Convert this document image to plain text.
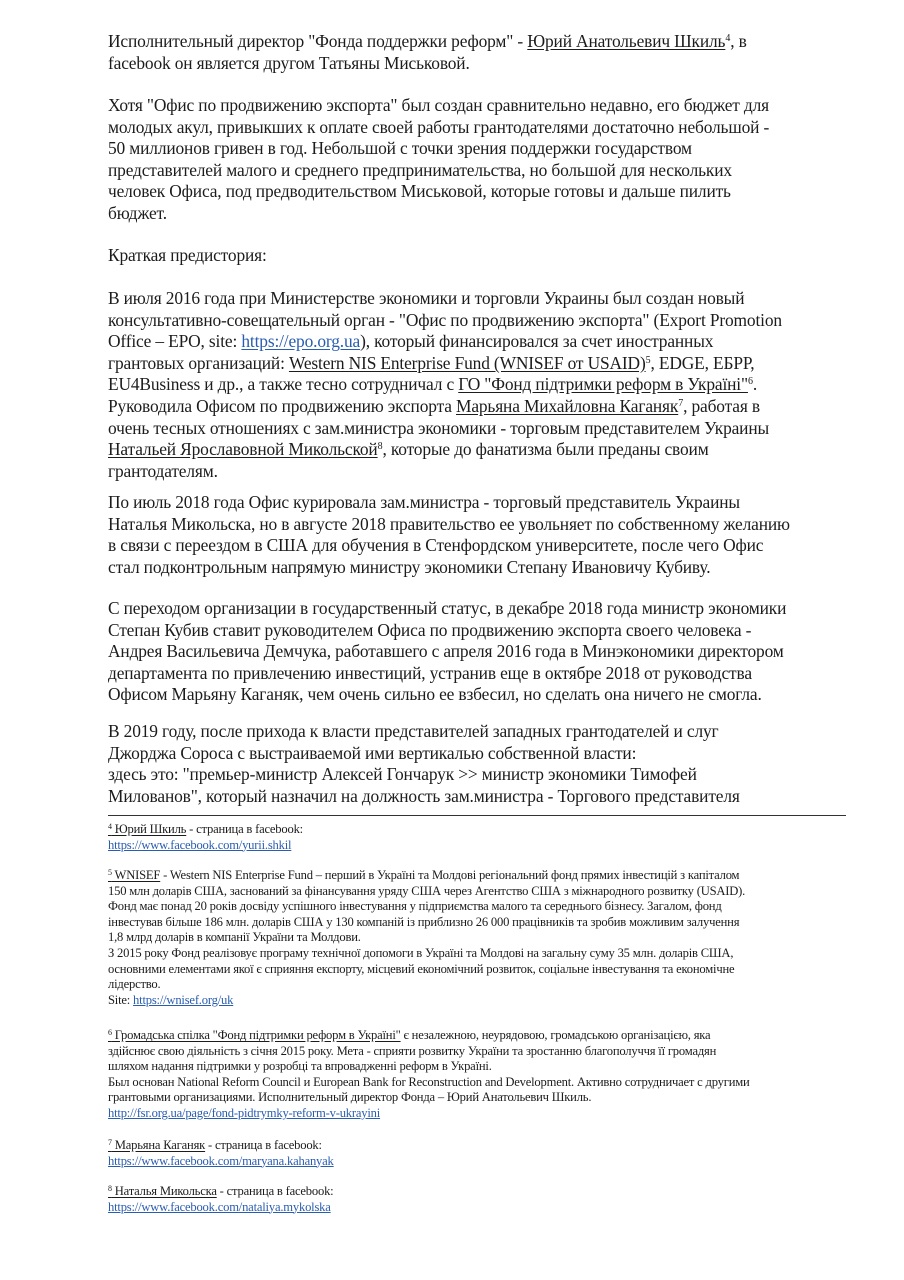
Исполнительный директор "Фонда поддержки реформ" - Юрий Анатольевич Шкиль$^4$, в
facebook он является другом Татьяны Миськовой.
Хотя "Офис по продвижению экспорта" был создан сравнительно недавно, его бюджет для
молодых акул, привыкших к оплате своей работы грантодателями достаточно небольшой -
50 миллионов гривен в год. Небольшой с точки зрения поддержки государством
представителей малого и среднего предпринимательства, но большой для нескольких
человек Офиса, под предводительством Миськовой, которые готовы и дальше пилить
бюджет.
Краткая предистория:
В июля 2016 года при Министерстве экономики и торговли Украины был создан новый
консультативно-совещательный орган - "Офис по продвижению экспорта" (Export Promotion
Office – EPO, site: https://epo.org.ua), который финансировался за счет иностранных
грантовых организаций: Western NIS Enterprise Fund (WNISEF от USAID)$^5$, EDGE, ЕБРР,
EU4Business и др., а также тесно сотрудничал с ГО "Фонд підтримки реформ в Україні"$^6$.
Руководила Офисом по продвижению экспорта Марьяна Михайловна Каганяк$^7$, работая в
очень тесных отношениях с зам.министра экономики - торговым представителем Украины
Натальей Ярославовной Микольской$^8$, которые до фанатизма были преданы своим
грантодателям.
По июль 2018 года Офис курировала зам.министра - торговый представитель Украины
Наталья Микольска, но в августе 2018 правительство ее увольняет по собственному желанию
в связи с переездом в США для обучения в Стенфордском университете, после чего Офис
стал подконтрольным напрямую министру экономики Степану Ивановичу Кубиву.
С переходом организации в государственный статус, в декабре 2018 года министр экономики
Степан Кубив ставит руководителем Офиса по продвижению экспорта своего человека -
Андрея Васильевича Демчука, работавшего с апреля 2016 года в Минэкономики директором
департамента по привлечению инвестиций, устранив еще в октябре 2018 от руководства
Офисом Марьяну Каганяк, чем очень сильно ее взбесил, но сделать она ничего не смогла.
В 2019 году, после прихода к власти представителей западных грантодателей и слуг
Джорджа Сороса с выстраиваемой ими вертикалью собственной власти:
здесь это: "премьер-министр Алексей Гончарук >> министр экономики Тимофей
Милованов", который назначил на должность зам.министра - Торгового представителя
$^4$ Юрий Шкиль - страница в facebook:
https://www.facebook.com/yurii.shkil
$^5$ WNISEF - Western NIS Enterprise Fund – перший в Україні та Молдові регіональний фонд прямих інвестицій з капіталом
150 млн доларів США, заснований за фінансування уряду США через Агентство США з міжнародного розвитку (USAID).
Фонд має понад 20 років досвіду успішного інвестування у підприємства малого та середнього бізнесу. Загалом, фонд
інвестував більше 186 млн. доларів США у 130 компаній із приблизно 26 000 працівників та зробив можливим залучення
1,8 млрд доларів в компанії України та Молдови.
З 2015 року Фонд реалізовує програму технічної допомоги в Україні та Молдові на загальну суму 35 млн. доларів США,
основними елементами якої є сприяння експорту, місцевий економічний розвиток, соціальне інвестування та економічне
лідерство.
Site: https://wnisef.org/uk
$^6$ Громадська спілка "Фонд підтримки реформ в Україні" є незалежною, неурядовою, громадською організацією, яка
здійснює свою діяльність з січня 2015 року. Мета - сприяти розвитку України та зростанню благополуччя її громадян
шляхом надання підтримки у розробці та впровадженні реформ в Україні.
Был основан National Reform Council и European Bank for Reconstruction and Development. Активно сотрудничает с другими
грантовыми организациями. Исполнительный директор Фонда – Юрий Анатольевич Шкиль.
http://fsr.org.ua/page/fond-pidtrymky-reform-v-ukrayini
$^7$ Марьяна Каганяк - страница в facebook:
https://www.facebook.com/maryana.kahanyak
$^8$ Наталья Микольска - страница в facebook:
https://www.facebook.com/nataliya.mykolska
